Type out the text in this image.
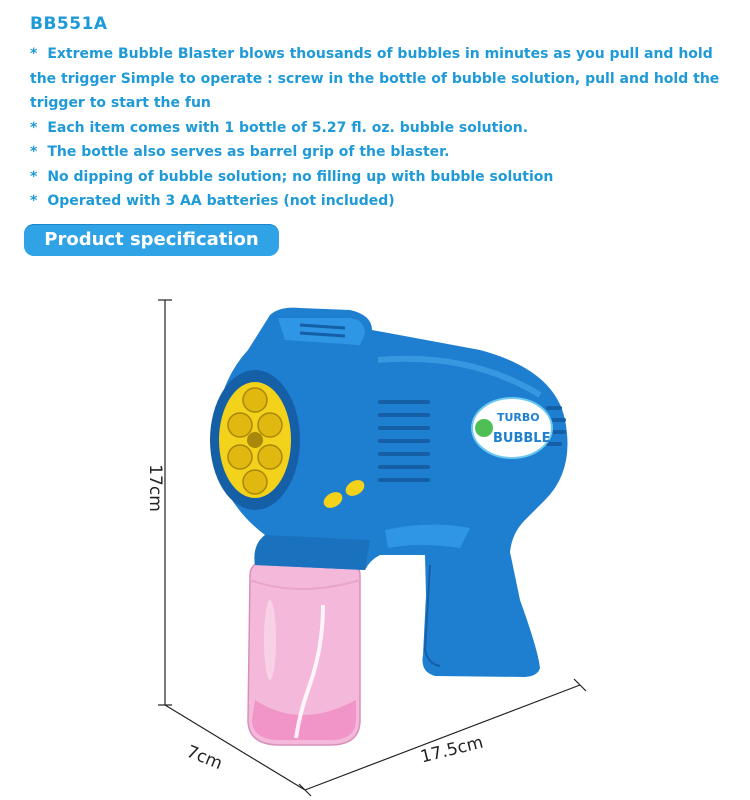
BB551A
* Extreme Bubble Blaster blows thousands of bubbles in minutes as you pull and hold the trigger Simple to operate : screw in the bottle of bubble solution, pull and hold the trigger to start the fun
* Each item comes with 1 bottle of 5.27 fl. oz. bubble solution.
* The bottle also serves as barrel grip of the blaster.
* No dipping of bubble solution; no filling up with bubble solution
* Operated with 3 AA batteries (not included)
Product specification
TURBO
BUBBLE
17cm
7cm	17.5cm
